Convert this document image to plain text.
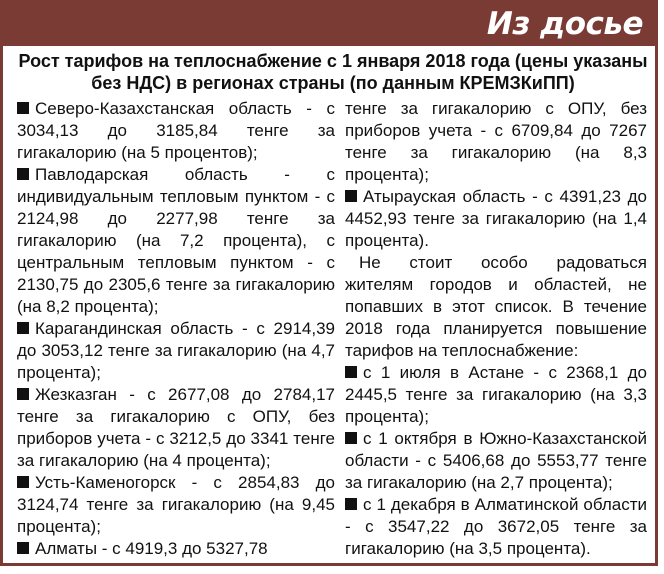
Из досье
Рост тарифов на теплоснабжение с 1 января 2018 года (цены указаны без НДС) в регионах страны (по данным КРЕМЗКиПП)

Северо-Казахстанская область - с 3034,13 до 3185,84 тенге за гигакалорию (на 5 процентов);

Павлодарская область - с индивидуальным тепловым пунктом - с 2124,98 до 2277,98 тенге за гигакалорию (на 7,2 процента), с центральным тепловым пунктом - с 2130,75 до 2305,6 тенге за гигакалорию (на 8,2 процента);

Карагандинская область - с 2914,39 до 3053,12 тенге за гигакалорию (на 4,7 процента);

Жезказган - с 2677,08 до 2784,17 тенге за гигакалорию с ОПУ, без приборов учета - с 3212,5 до 3341 тенге за гигакалорию (на 4 процента);

Усть-Каменогорск - с 2854,83 до 3124,74 тенге за гигакалорию (на 9,45 процента);

Алматы - с 4919,3 до 5327,78

тенге за гигакалорию с ОПУ, без приборов учета - с 6709,84 до 7267 тенге за гигакалорию (на 8,3 процента);

Атырауская область - с 4391,23 до 4452,93 тенге за гигакалорию (на 1,4 процента).

Не стоит особо радоваться жителям городов и областей, не попавших в этот список. В течение 2018 года планируется повышение тарифов на теплоснабжение:

с 1 июля в Астане - с 2368,1 до 2445,5 тенге за гигакалорию (на 3,3 процента);

с 1 октября в Южно-Казахстанской области - с 5406,68 до 5553,77 тенге за гигакалорию (на 2,7 процента);

с 1 декабря в Алматинской области - с 3547,22 до 3672,05 тенге за гигакалорию (на 3,5 процента).
